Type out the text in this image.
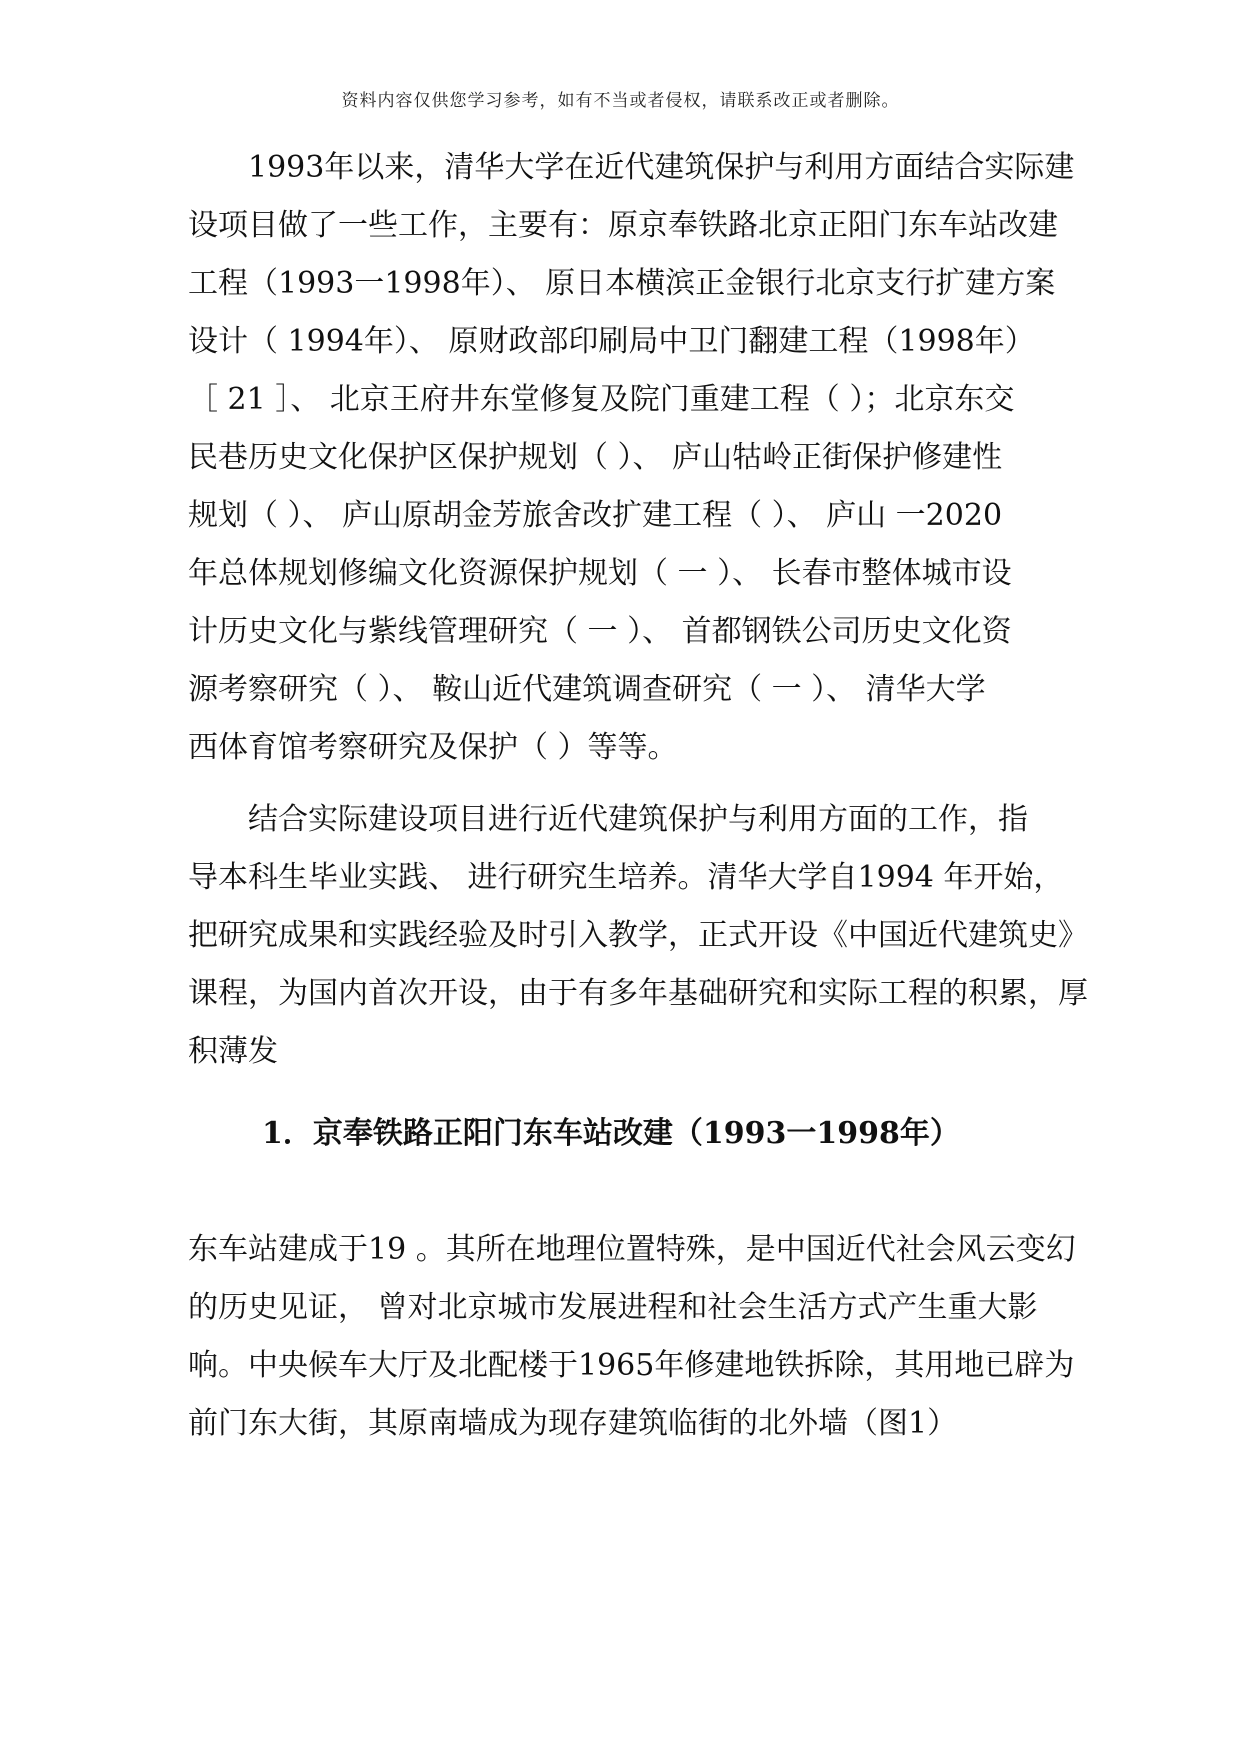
资料内容仅供您学习参考，如有不当或者侵权，请联系改正或者删除。
　　1993年以来，清华大学在近代建筑保护与利用方面结合实际建
设项目做了一些工作，主要有：原京奉铁路北京正阳门东车站改建
工程（1993一1998年）、 原日本横滨正金银行北京支行扩建方案
设计（ 1994年）、 原财政部印刷局中卫门翻建工程（1998年）
［ 21 ］、 北京王府井东堂修复及院门重建工程（ ）；北京东交
民巷历史文化保护区保护规划（ ）、 庐山牯岭正街保护修建性
规划（ ）、 庐山原胡金芳旅舍改扩建工程（ ）、 庐山 一2020
年总体规划修编文化资源保护规划（ 一 ）、 长春市整体城市设
计历史文化与紫线管理研究（ 一 ）、 首都钢铁公司历史文化资
源考察研究（ ）、 鞍山近代建筑调查研究（ 一 ）、 清华大学
西体育馆考察研究及保护（ ）等等。
　　结合实际建设项目进行近代建筑保护与利用方面的工作，指
导本科生毕业实践、 进行研究生培养。清华大学自1994 年开始，
把研究成果和实践经验及时引入教学，正式开设《中国近代建筑史》
课程，为国内首次开设，由于有多年基础研究和实际工程的积累，厚
积薄发
1．京奉铁路正阳门东车站改建（1993一1998年）
东车站建成于19 。其所在地理位置特殊，是中国近代社会风云变幻
的历史见证， 曾对北京城市发展进程和社会生活方式产生重大影
响。中央候车大厅及北配楼于1965年修建地铁拆除，其用地已辟为
前门东大街，其原南墙成为现存建筑临街的北外墙（图1）
